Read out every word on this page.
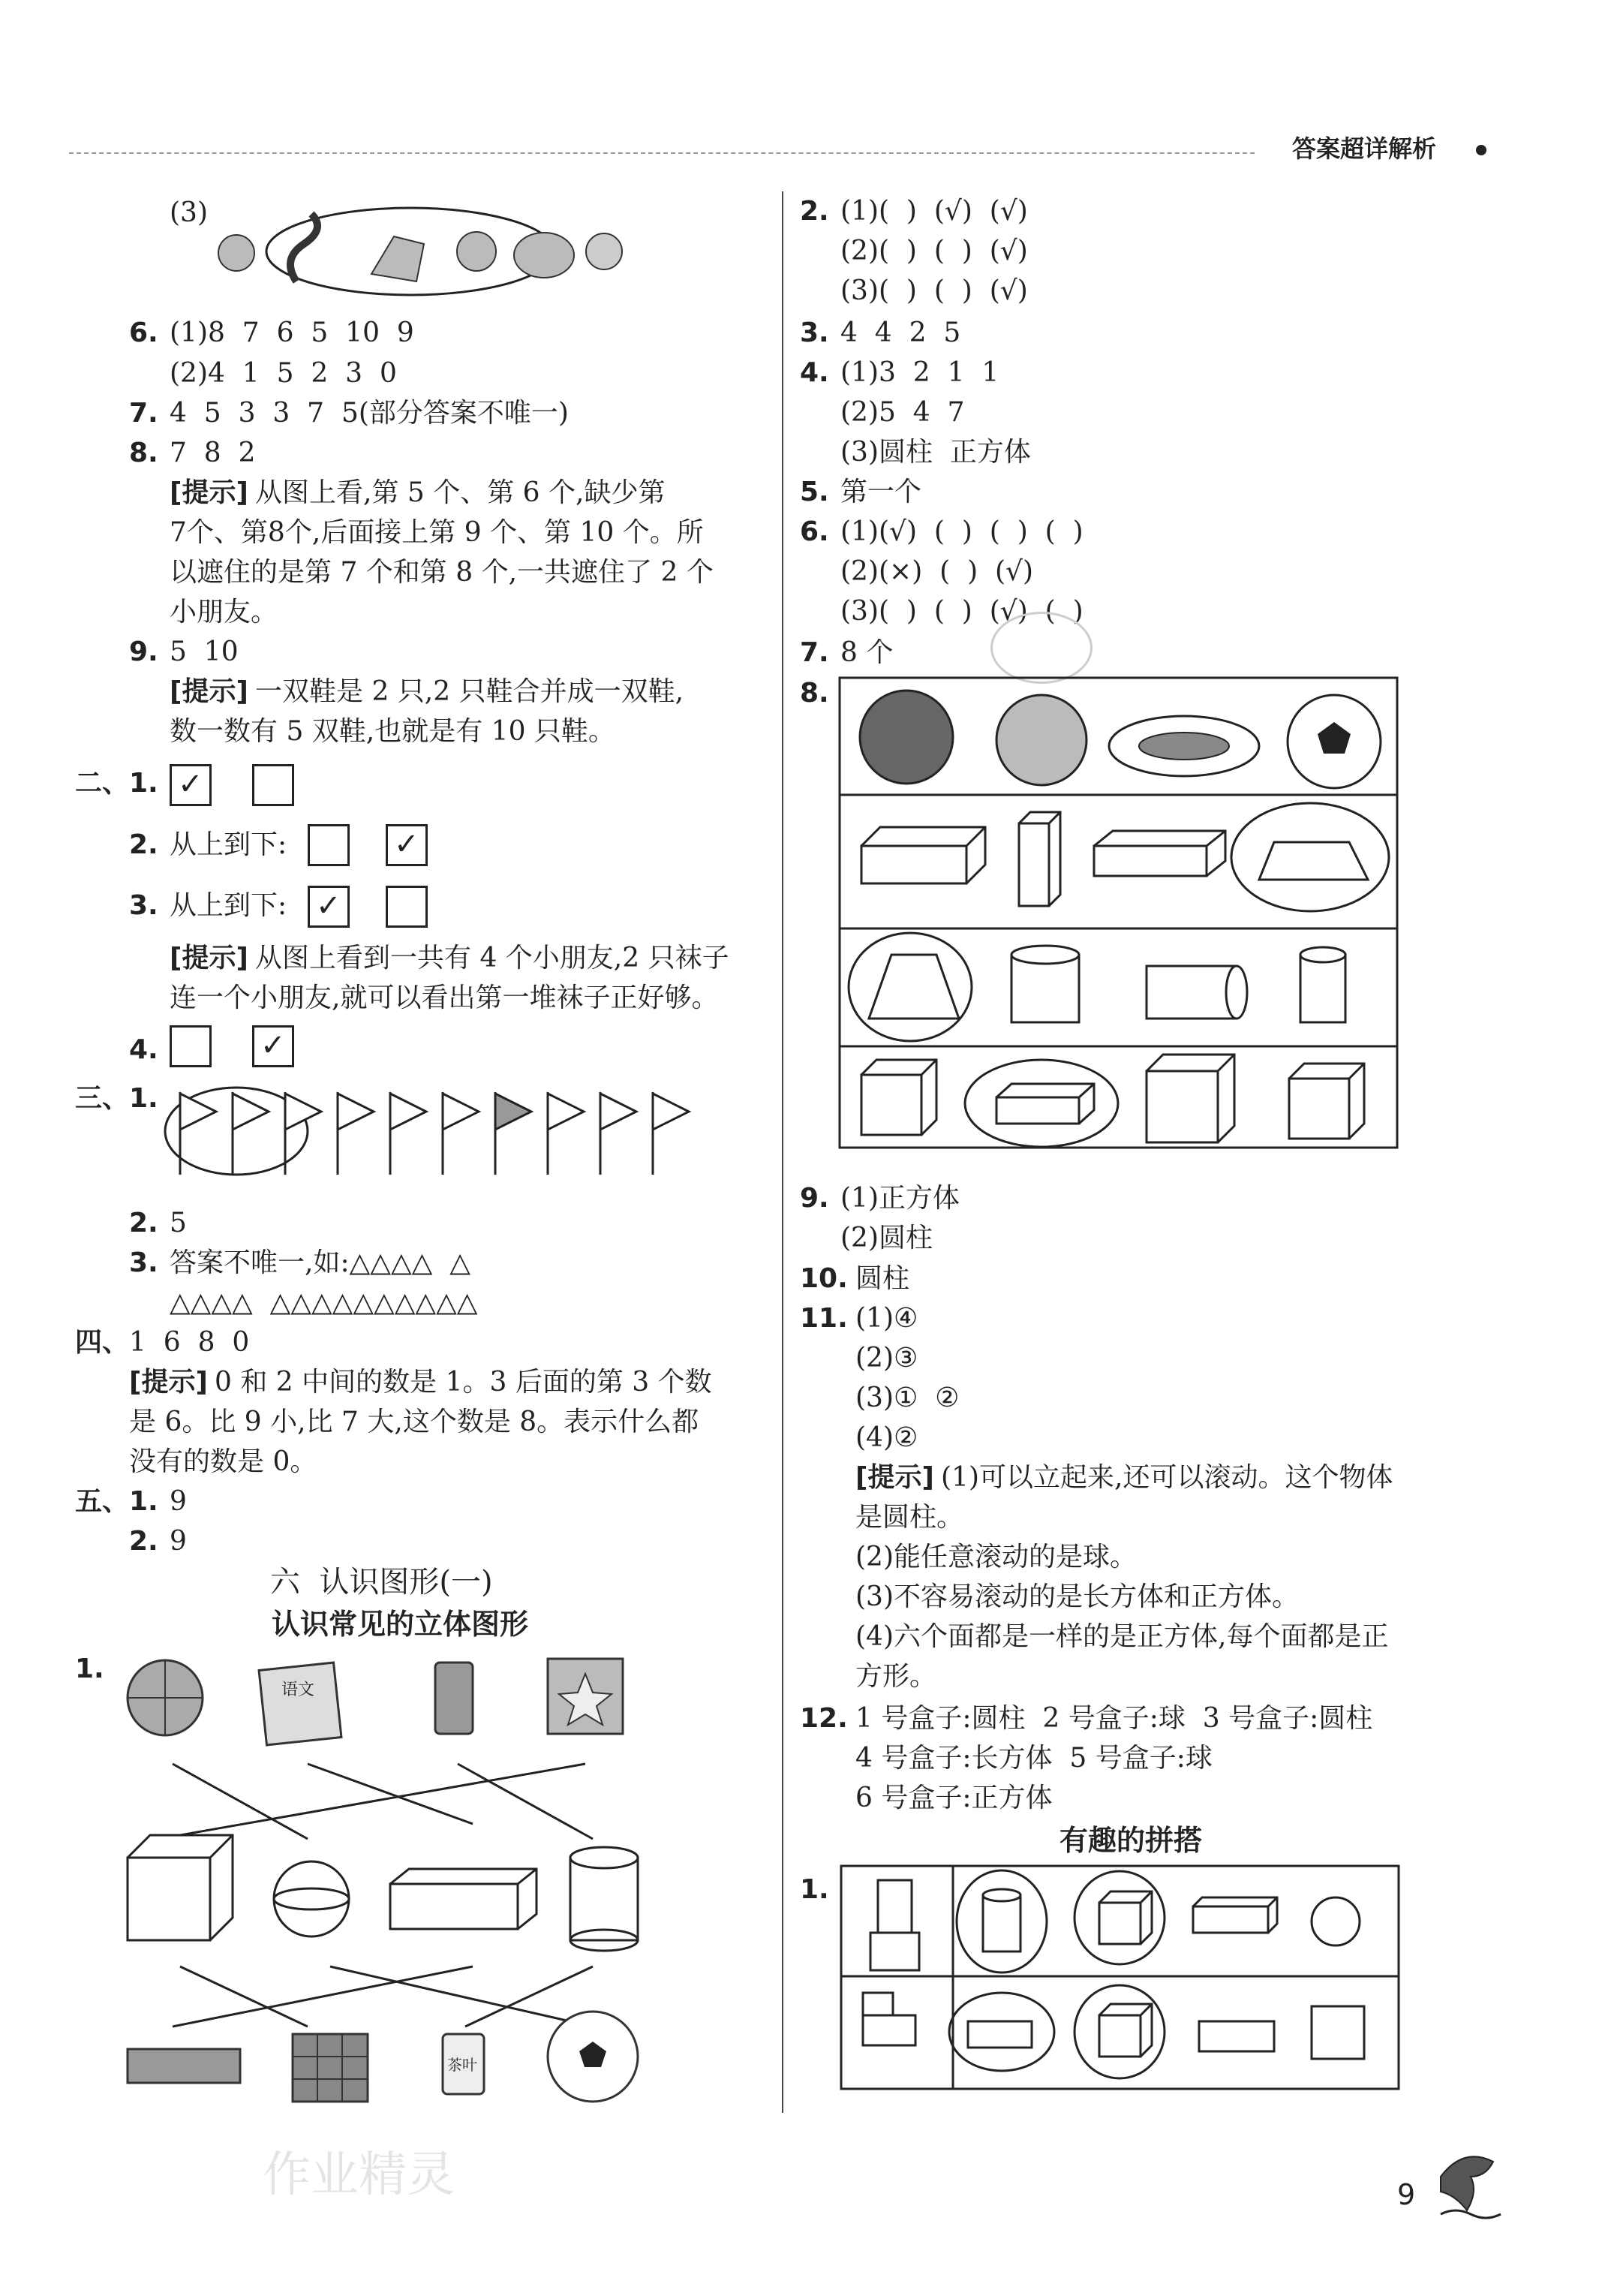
答案超详解析
(3)
6. (1)8  7  6  5  10  9
(2)4  1  5  2  3  0
7. 4  5  3  3  7  5(部分答案不唯一)
8. 7  8  2
[提示] 从图上看,第 5 个、第 6 个,缺少第
7个、第8个,后面接上第 9 个、第 10 个。所
以遮住的是第 7 个和第 8 个,一共遮住了 2 个
小朋友。
9. 5  10
[提示] 一双鞋是 2 只,2 只鞋合并成一双鞋,
数一数有 5 双鞋,也就是有 10 只鞋。
二、 1.
✓
2. 从上到下:
✓
3. 从上到下:
✓
[提示] 从图上看到一共有 4 个小朋友,2 只袜子
连一个小朋友,就可以看出第一堆袜子正好够。
4.
✓
三、 1.
2. 5
3. 答案不唯一,如:△△△△  △
△△△△  △△△△△△△△△△
四、 1  6  8  0
[提示] 0 和 2 中间的数是 1。3 后面的第 3 个数
是 6。比 9 小,比 7 大,这个数是 8。表示什么都
没有的数是 0。
五、 1. 9
2. 9
六  认识图形(一)
认识常见的立体图形
1.
语文
茶叶
作业精灵
2. (1)(  )  (√)  (√)
(2)(  )  (  )  (√)
(3)(  )  (  )  (√)
3. 4  4  2  5
4. (1)3  2  1  1
(2)5  4  7
(3)圆柱  正方体
5. 第一个
6. (1)(√)  (  )  (  )  (  )
(2)(×)  (  )  (√)
(3)(  )  (  )  (√)  (  )
7. 8 个
8.
9. (1)正方体
(2)圆柱
10. 圆柱
11. (1)④
(2)③
(3)①  ②
(4)②
[提示] (1)可以立起来,还可以滚动。这个物体
是圆柱。
(2)能任意滚动的是球。
(3)不容易滚动的是长方体和正方体。
(4)六个面都是一样的是正方体,每个面都是正
方形。
12. 1 号盒子:圆柱  2 号盒子:球  3 号盒子:圆柱
4 号盒子:长方体  5 号盒子:球
6 号盒子:正方体
有趣的拼搭
1.
9
